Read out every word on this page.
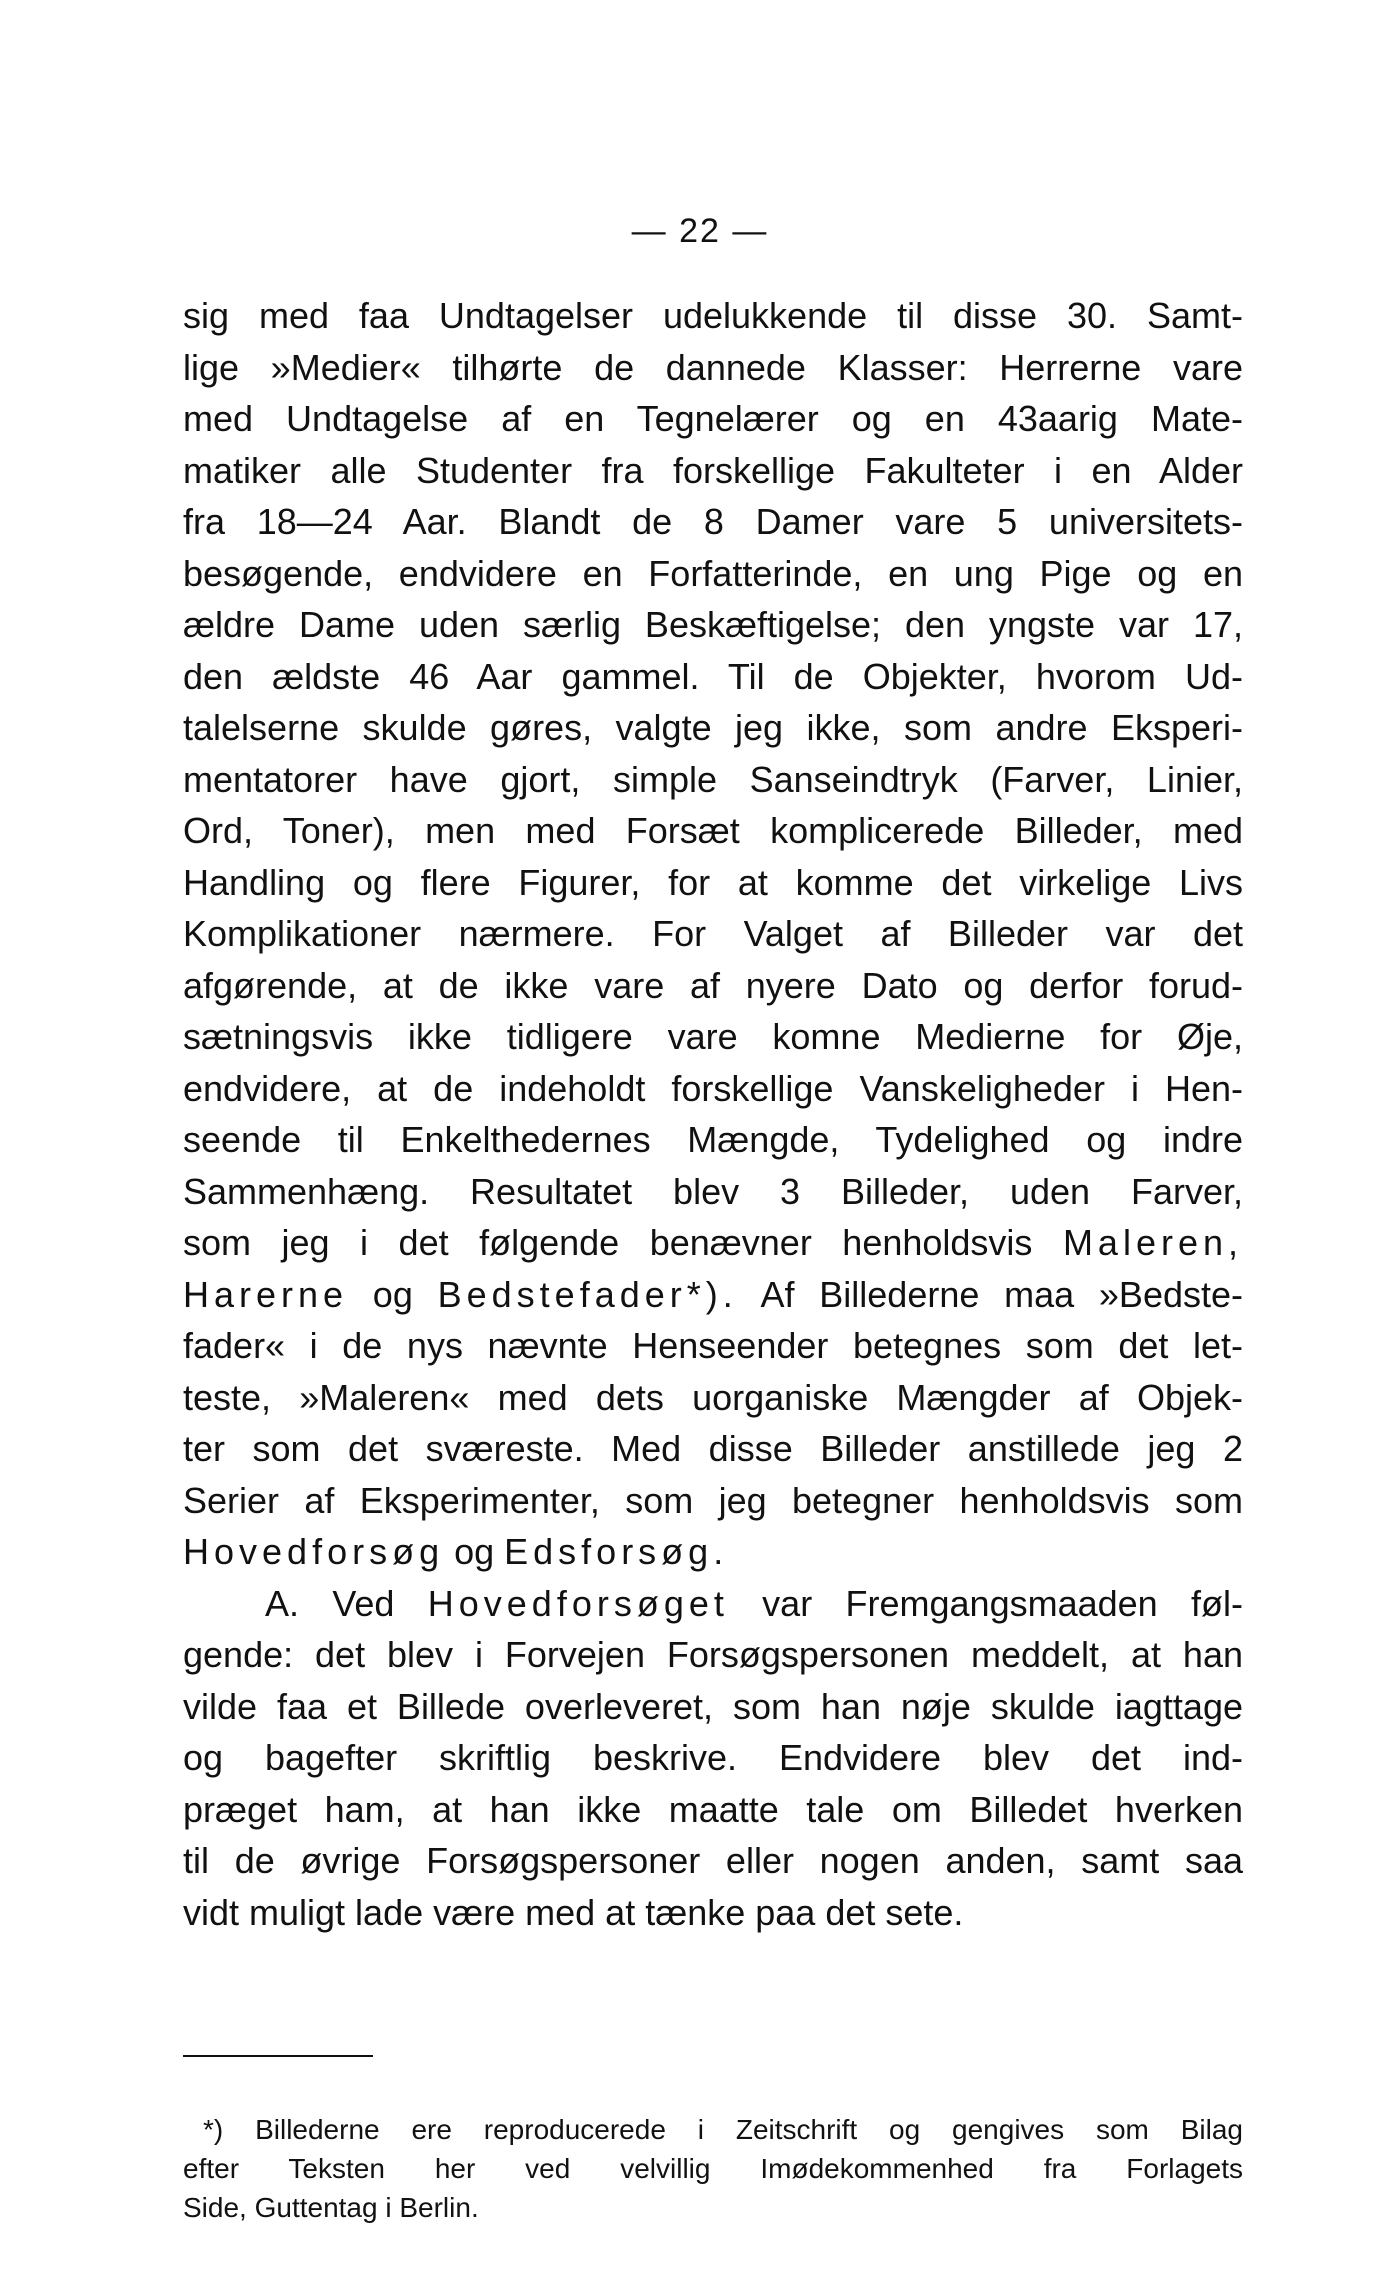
— 22 —

sig med faa Undtagelser udelukkende til disse 30. Samt-
lige »Medier« tilhørte de dannede Klasser: Herrerne vare
med Undtagelse af en Tegnelærer og en 43aarig Mate-
matiker alle Studenter fra forskellige Fakulteter i en Alder
fra 18—24 Aar. Blandt de 8 Damer vare 5 universitets-
besøgende, endvidere en Forfatterinde, en ung Pige og en
ældre Dame uden særlig Beskæftigelse; den yngste var 17,
den ældste 46 Aar gammel. Til de Objekter, hvorom Ud-
talelserne skulde gøres, valgte jeg ikke, som andre Eksperi-
mentatorer have gjort, simple Sanseindtryk (Farver, Linier,
Ord, Toner), men med Forsæt komplicerede Billeder, med
Handling og flere Figurer, for at komme det virkelige Livs
Komplikationer nærmere. For Valget af Billeder var det
afgørende, at de ikke vare af nyere Dato og derfor forud-
sætningsvis ikke tidligere vare komne Medierne for Øje,
endvidere, at de indeholdt forskellige Vanskeligheder i Hen-
seende til Enkelthedernes Mængde, Tydelighed og indre
Sammenhæng. Resultatet blev 3 Billeder, uden Farver,
som jeg i det følgende benævner henholdsvis Maleren,
Harerne og Bedstefader*). Af Billederne maa »Bedste-
fader« i de nys nævnte Henseender betegnes som det let-
teste, »Maleren« med dets uorganiske Mængder af Objek-
ter som det sværeste. Med disse Billeder anstillede jeg 2
Serier af Eksperimenter, som jeg betegner henholdsvis som
Hovedforsøg og Edsforsøg.

A. Ved Hovedforsøget var Fremgangsmaaden føl-
gende: det blev i Forvejen Forsøgspersonen meddelt, at han
vilde faa et Billede overleveret, som han nøje skulde iagttage
og bagefter skriftlig beskrive. Endvidere blev det ind-
præget ham, at han ikke maatte tale om Billedet hverken
til de øvrige Forsøgspersoner eller nogen anden, samt saa
vidt muligt lade være med at tænke paa det sete.

*) Billederne ere reproducerede i Zeitschrift og gengives som Bilag
efter Teksten her ved velvillig Imødekommenhed fra Forlagets
Side, Guttentag i Berlin.
